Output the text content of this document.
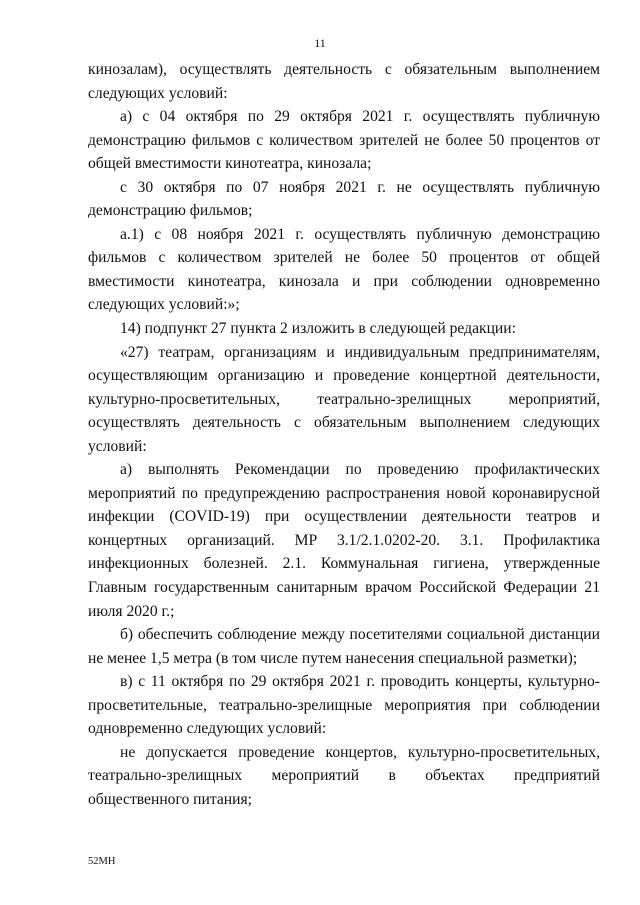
11

кинозалам), осуществлять деятельность с обязательным выполнением следующих условий:

а) с 04 октября по 29 октября 2021 г. осуществлять публичную демонстрацию фильмов с количеством зрителей не более 50 процентов от общей вместимости кинотеатра, кинозала;

с 30 октября по 07 ноября 2021 г. не осуществлять публичную демонстрацию фильмов;

а.1) с 08 ноября 2021 г. осуществлять публичную демонстрацию фильмов с количеством зрителей не более 50 процентов от общей вместимости кинотеатра, кинозала и при соблюдении одновременно следующих условий:»;

14) подпункт 27 пункта 2 изложить в следующей редакции:

«27) театрам, организациям и индивидуальным предпринимателям, осуществляющим организацию и проведение концертной деятельности, культурно-просветительных, театрально-зрелищных мероприятий, осуществлять деятельность с обязательным выполнением следующих условий:

а) выполнять Рекомендации по проведению профилактических мероприятий по предупреждению распространения новой коронавирусной инфекции (COVID-19) при осуществлении деятельности театров и концертных организаций. МР 3.1/2.1.0202-20. 3.1. Профилактика инфекционных болезней. 2.1. Коммунальная гигиена, утвержденные Главным государственным санитарным врачом Российской Федерации 21 июля 2020 г.;

б) обеспечить соблюдение между посетителями социальной дистанции не менее 1,5 метра (в том числе путем нанесения специальной разметки);

в) с 11 октября по 29 октября 2021 г. проводить концерты, культурно-просветительные, театрально-зрелищные мероприятия при соблюдении одновременно следующих условий:

не допускается проведение концертов, культурно-просветительных, театрально-зрелищных мероприятий в объектах предприятий общественного питания;

52МН
